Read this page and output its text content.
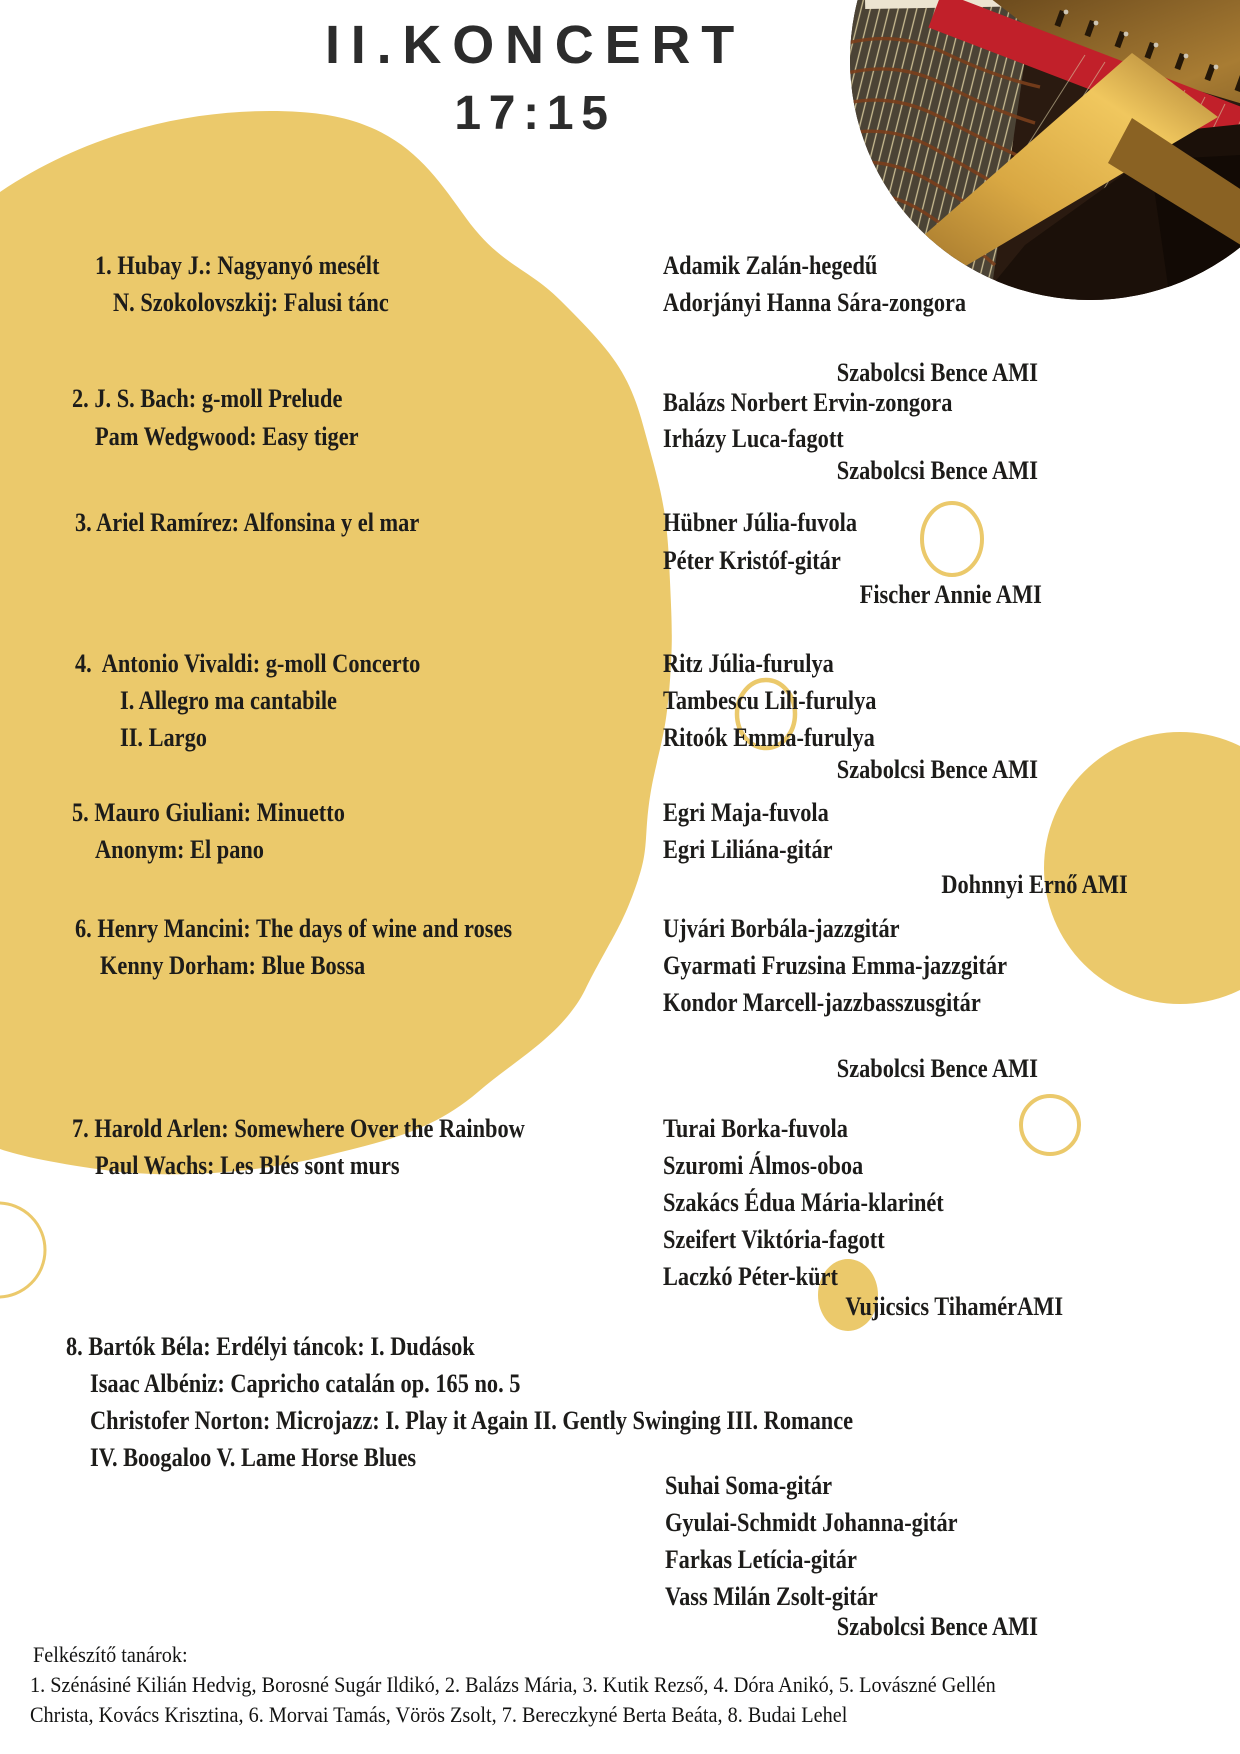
II.KONCERT
17:15
1. Hubay J.: Nagyanyó mesélt
N. Szokolovszkij: Falusi tánc
Adamik Zalán-hegedű
Adorjányi Hanna Sára-zongora
Szabolcsi Bence AMI
2. J. S. Bach: g-moll Prelude
Pam Wedgwood: Easy tiger
Balázs Norbert Ervin-zongora
Irházy Luca-fagott
Szabolcsi Bence AMI
3. Ariel Ramírez: Alfonsina y el mar	Hübner Júlia-fuvola
Péter Kristóf-gitár
Fischer Annie AMI
4.  Antonio Vivaldi: g-moll Concerto
I. Allegro ma cantabile
II. Largo
Ritz Júlia-furulya
Tambescu Lili-furulya
Ritoók Emma-furulya
Szabolcsi Bence AMI
5. Mauro Giuliani: Minuetto
Anonym: El pano
Egri Maja-fuvola
Egri Liliána-gitár
Dohnnyi Ernő AMI
6. Henry Mancini: The days of wine and roses
Kenny Dorham: Blue Bossa
Ujvári Borbála-jazzgitár
Gyarmati Fruzsina Emma-jazzgitár
Kondor Marcell-jazzbasszusgitár
Szabolcsi Bence AMI
7. Harold Arlen: Somewhere Over the Rainbow
Paul Wachs: Les Blés sont murs
Turai Borka-fuvola
Szuromi Álmos-oboa
Szakács Édua Mária-klarinét
Szeifert Viktória-fagott
Laczkó Péter-kürt
Vujicsics TihamérAMI
8. Bartók Béla: Erdélyi táncok: I. Dudások
Isaac Albéniz: Capricho catalán op. 165 no. 5
Christofer Norton: Microjazz: I. Play it Again II. Gently Swinging III. Romance
IV. Boogaloo V. Lame Horse Blues
Suhai Soma-gitár
Gyulai-Schmidt Johanna-gitár
Farkas Letícia-gitár
Vass Milán Zsolt-gitár
Szabolcsi Bence AMI
Felkészítő tanárok:
1. Szénásiné Kilián Hedvig, Borosné Sugár Ildikó, 2. Balázs Mária, 3. Kutik Rezső, 4. Dóra Anikó, 5. Lovászné Gellén
Christa, Kovács Krisztina, 6. Morvai Tamás, Vörös Zsolt, 7. Bereczkyné Berta Beáta, 8. Budai Lehel
